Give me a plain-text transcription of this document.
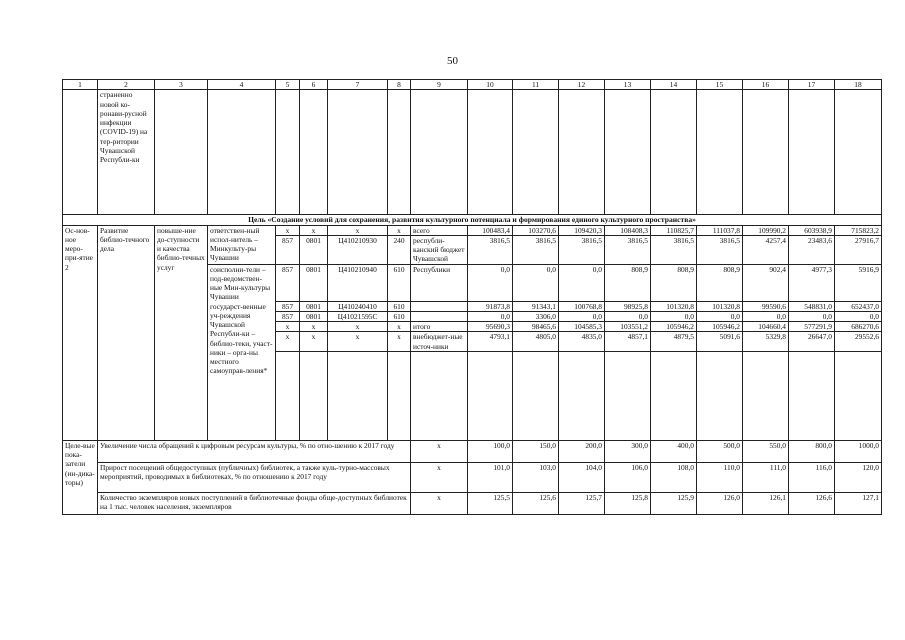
50
1	2	3	4	5	6	7	8	9	10	11	12	13	14	15	16	17	18
	страненно новой ко-ронави-русной инфекции (COVID-19) на тер-ритории Чувашской Республи-ки																
Цель «Создание условий для сохранения, развития культурного потенциала и формирования единого культурного пространства»																	
Ос-нов-ное меро-при-ятие 2	Развитие библио-течного дела	повыше-ние до-ступности и качества библио-течных услуг	ответствен-ный испол-нитель – Минкульту-ры Чувашии	x	x	x	x	всего	100483,4	103270,6	109420,3	108408,3	110825,7	111037,8	109990,2	603938,9	715823,2
				857	0801	Ц410210930	240	республи-канский бюджет Чувашской	3816,5	3816,5	3816,5	3816,5	3816,5	3816,5	4257,4	23483,6	27916,7
			соисполни-тели – под-ведомствен-ные Мин-культуры Чувашии государст-венные уч-реждения Чувашской Республи-ки – библио-теки, участ-ники – орга-ны местного самоуправ-ления*	857	0801	Ц410210940	610	Республики	0,0	0,0	0,0	808,9	808,9	808,9	902,4	4977,3	5916,9
				857	0801	Ц410240410	610		91873,8	91343,1	100768,8	98925,8	101320,8	101320,8	99590,6	548831,0	652437,0
				857	0801	Ц41021595С	610		0,0	3306,0	0,0	0,0	0,0	0,0	0,0	0,0	0,0
				x	x	x	x	итого	95690,3	98465,6	104585,3	103551,2	105946,2	105946,2	104660,4	577291,9	686270,6
				x	x	x	x	внебюджет-ные источ-ники	4793,1	4805,0	4835,0	4857,1	4879,5	5091,6	5329,8	26647,0	29552,6

Целе-вые пока-затели (ин-дика-торы)	Увеличение числа обращений к цифровым ресурсам культуры, % по отно-шению к 2017 году							x	100,0	150,0	200,0	300,0	400,0	500,0	550,0	800,0	1000,0
	Прирост посещений общедоступных (публичных) библиотек, а также куль-турно-массовых мероприятий, проводимых в библиотеках, % по отношению к 2017 году							x	101,0	103,0	104,0	106,0	108,0	110,0	111,0	116,0	120,0
	Количество экземпляров новых поступлений в библиотечные фонды обще-доступных библиотек на 1 тыс. человек населения, экземпляров							x	125,5	125,6	125,7	125,8	125,9	126,0	126,1	126,6	127,1
